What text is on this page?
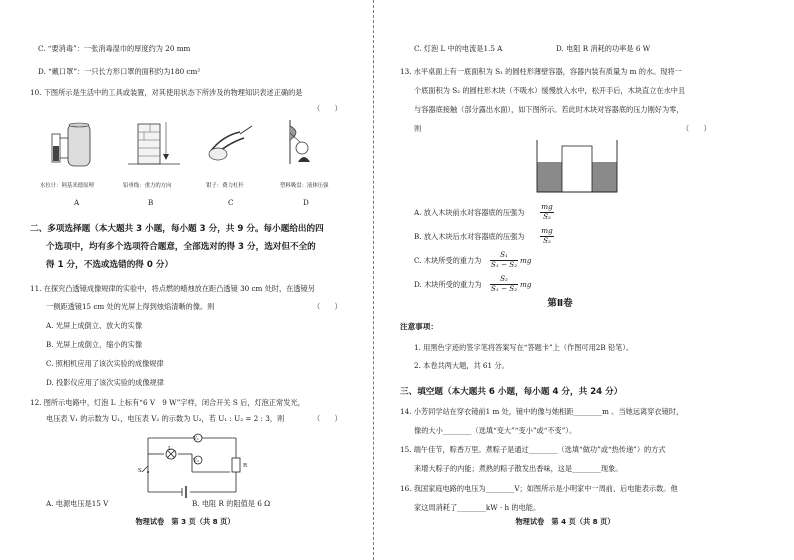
C. “要消毒”：一张消毒湿巾的厚度约为 20 mm
D. “戴口罩”：一只长方形口罩的面积约为180 cm²
10. 下图所示是生活中的工具或装置，对其使用状态下所涉及的物理知识表述正确的是
（　　）
水位计：阿基米德原理	铅垂线：重力的方向	钳子：费力杠杆	塑料吸盘：液体压强
A	B	C	D
二、多项选择题（本大题共 3 小题，每小题 3 分，共 9 分。每小题给出的四
个选项中，均有多个选项符合题意，全部选对的得 3 分，选对但不全的
得 1 分，不选或选错的得 0 分）
11. 在探究凸透镜成像规律的实验中，将点燃的蜡烛放在距凸透镜 30 cm 处时，在透镜另
一侧距透镜15 cm 处的光屏上得到烛焰清晰的像。则	（　　）
A. 光屏上成倒立、放大的实像
B. 光屏上成倒立、缩小的实像
C. 照相机应用了该次实验的成像规律
D. 投影仪应用了该次实验的成像规律
12. 图所示电路中，灯泡 L 上标有“6 V　9 W”字样，闭合开关 S 后，灯泡正常发光，
电压表 V₁ 的示数为 U₁，电压表 V₂ 的示数为 U₂，若 U₁ : U₂ = 2 : 3，则	（　　）
V₁
L
V₂
S
R
A. 电源电压是15 V	B. 电阻 R 的阻值是 6 Ω
物理试卷　第 3 页（共 8 页）
C. 灯泡 L 中的电流是1.5 A	D. 电阻 R 消耗的功率是 6 W
13. 水平桌面上有一底面积为 S₁ 的圆柱形薄壁容器，容器内装有质量为 m 的水。现将一
个底面积为 S₂ 的圆柱形木块（不吸水）缓慢放入水中，松开手后，木块直立在水中且
与容器底接触（部分露出水面），如下图所示。若此时木块对容器底的压力刚好为零，
则	（　　）
A. 放入木块前水对容器底的压强为
mg
S₂
B. 放入木块后水对容器底的压强为
mg
S₂
C. 木块所受的重力为
S₁
S₁ − S₂ mg
D. 木块所受的重力为
S₂
S₁ − S₂ mg
第Ⅱ卷
注意事项：
1. 用黑色字迹的签字笔将答案写在“答题卡”上（作图可用2B 铅笔）。
2. 本卷共两大题，共 61 分。
三、填空题（本大题共 6 小题，每小题 4 分，共 24 分）
14. 小芳同学站在穿衣镜前1 m 处，镜中的像与她相距________m 。当她远离穿衣镜时，
像的大小________（选填“变大”“变小”或“不变”）。
15. 端午佳节，粽香万里。煮粽子是通过________（选填“做功”或“热传递”）的方式
来增大粽子的内能；煮熟的粽子散发出香味，这是________现象。
16. 我国家庭电路的电压为________V；如图所示是小明家中一周前、后电能表示数。他
家这周消耗了________kW · h 的电能。
物理试卷　第 4 页（共 8 页）
